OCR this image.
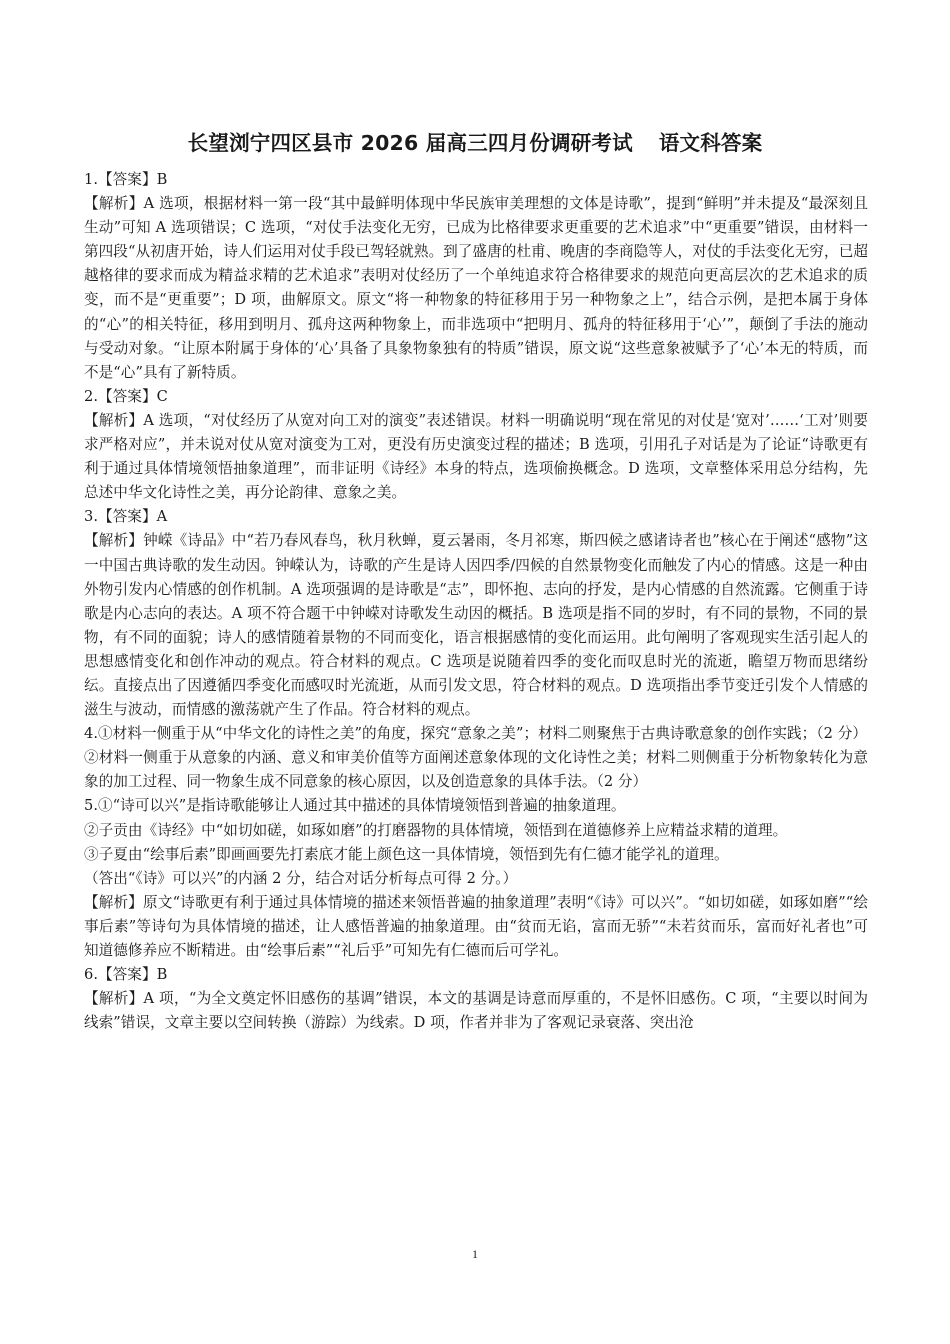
长望浏宁四区县市 2026 届高三四月份调研考试 语文科答案

1.【答案】B

【解析】A 选项，根据材料一第一段“其中最鲜明体现中华民族审美理想的文体是诗歌”，提到“鲜明”并未提及“最深刻且生动”可知 A 选项错误；C 选项，“对仗手法变化无穷，已成为比格律要求更重要的艺术追求”中“更重要”错误，由材料一第四段“从初唐开始，诗人们运用对仗手段已驾轻就熟。到了盛唐的杜甫、晚唐的李商隐等人，对仗的手法变化无穷，已超越格律的要求而成为精益求精的艺术追求”表明对仗经历了一个单纯追求符合格律要求的规范向更高层次的艺术追求的质变，而不是“更重要”；D 项，曲解原文。原文“将一种物象的特征移用于另一种物象之上”，结合示例，是把本属于身体的“心”的相关特征，移用到明月、孤舟这两种物象上，而非选项中“把明月、孤舟的特征移用于‘心’”，颠倒了手法的施动与受动对象。“让原本附属于身体的‘心’具备了具象物象独有的特质”错误，原文说“这些意象被赋予了‘心’本无的特质，而不是“心”具有了新特质。

2.【答案】C

【解析】A 选项，“对仗经历了从宽对向工对的演变”表述错误。材料一明确说明“现在常见的对仗是‘宽对’……‘工对’则要求严格对应”，并未说对仗从宽对演变为工对，更没有历史演变过程的描述；B 选项，引用孔子对话是为了论证“诗歌更有利于通过具体情境领悟抽象道理”，而非证明《诗经》本身的特点，选项偷换概念。D 选项，文章整体采用总分结构，先总述中华文化诗性之美，再分论韵律、意象之美。

3.【答案】A

【解析】钟嵘《诗品》中“若乃春风春鸟，秋月秋蝉，夏云暑雨，冬月祁寒，斯四候之感诸诗者也”核心在于阐述“感物”这一中国古典诗歌的发生动因。钟嵘认为，诗歌的产生是诗人因四季/四候的自然景物变化而触发了内心的情感。这是一种由外物引发内心情感的创作机制。A 选项强调的是诗歌是“志”，即怀抱、志向的抒发，是内心情感的自然流露。它侧重于诗歌是内心志向的表达。A 项不符合题干中钟嵘对诗歌发生动因的概括。B 选项是指不同的岁时，有不同的景物，不同的景物，有不同的面貌；诗人的感情随着景物的不同而变化，语言根据感情的变化而运用。此句阐明了客观现实生活引起人的思想感情变化和创作冲动的观点。符合材料的观点。C 选项是说随着四季的变化而叹息时光的流逝，瞻望万物而思绪纷纭。直接点出了因遵循四季变化而感叹时光流逝，从而引发文思，符合材料的观点。D 选项指出季节变迁引发个人情感的滋生与波动，而情感的激荡就产生了作品。符合材料的观点。

4.①材料一侧重于从“中华文化的诗性之美”的角度，探究“意象之美”；材料二则聚焦于古典诗歌意象的创作实践；（2 分）

②材料一侧重于从意象的内涵、意义和审美价值等方面阐述意象体现的文化诗性之美；材料二则侧重于分析物象转化为意象的加工过程、同一物象生成不同意象的核心原因，以及创造意象的具体手法。（2 分）

5.①“诗可以兴”是指诗歌能够让人通过其中描述的具体情境领悟到普遍的抽象道理。

②子贡由《诗经》中“如切如磋，如琢如磨”的打磨器物的具体情境，领悟到在道德修养上应精益求精的道理。

③子夏由“绘事后素”即画画要先打素底才能上颜色这一具体情境，领悟到先有仁德才能学礼的道理。

（答出“《诗》可以兴”的内涵 2 分，结合对话分析每点可得 2 分。）

【解析】原文“诗歌更有利于通过具体情境的描述来领悟普遍的抽象道理”表明“《诗》可以兴”。“如切如磋，如琢如磨”“绘事后素”等诗句为具体情境的描述，让人感悟普遍的抽象道理。由“贫而无谄，富而无骄”“未若贫而乐，富而好礼者也”可知道德修养应不断精进。由“绘事后素”“礼后乎”可知先有仁德而后可学礼。

6.【答案】B

【解析】A 项，“为全文奠定怀旧感伤的基调”错误，本文的基调是诗意而厚重的，不是怀旧感伤。C 项，“主要以时间为线索”错误，文章主要以空间转换（游踪）为线索。D 项，作者并非为了客观记录衰落、突出沧

1
